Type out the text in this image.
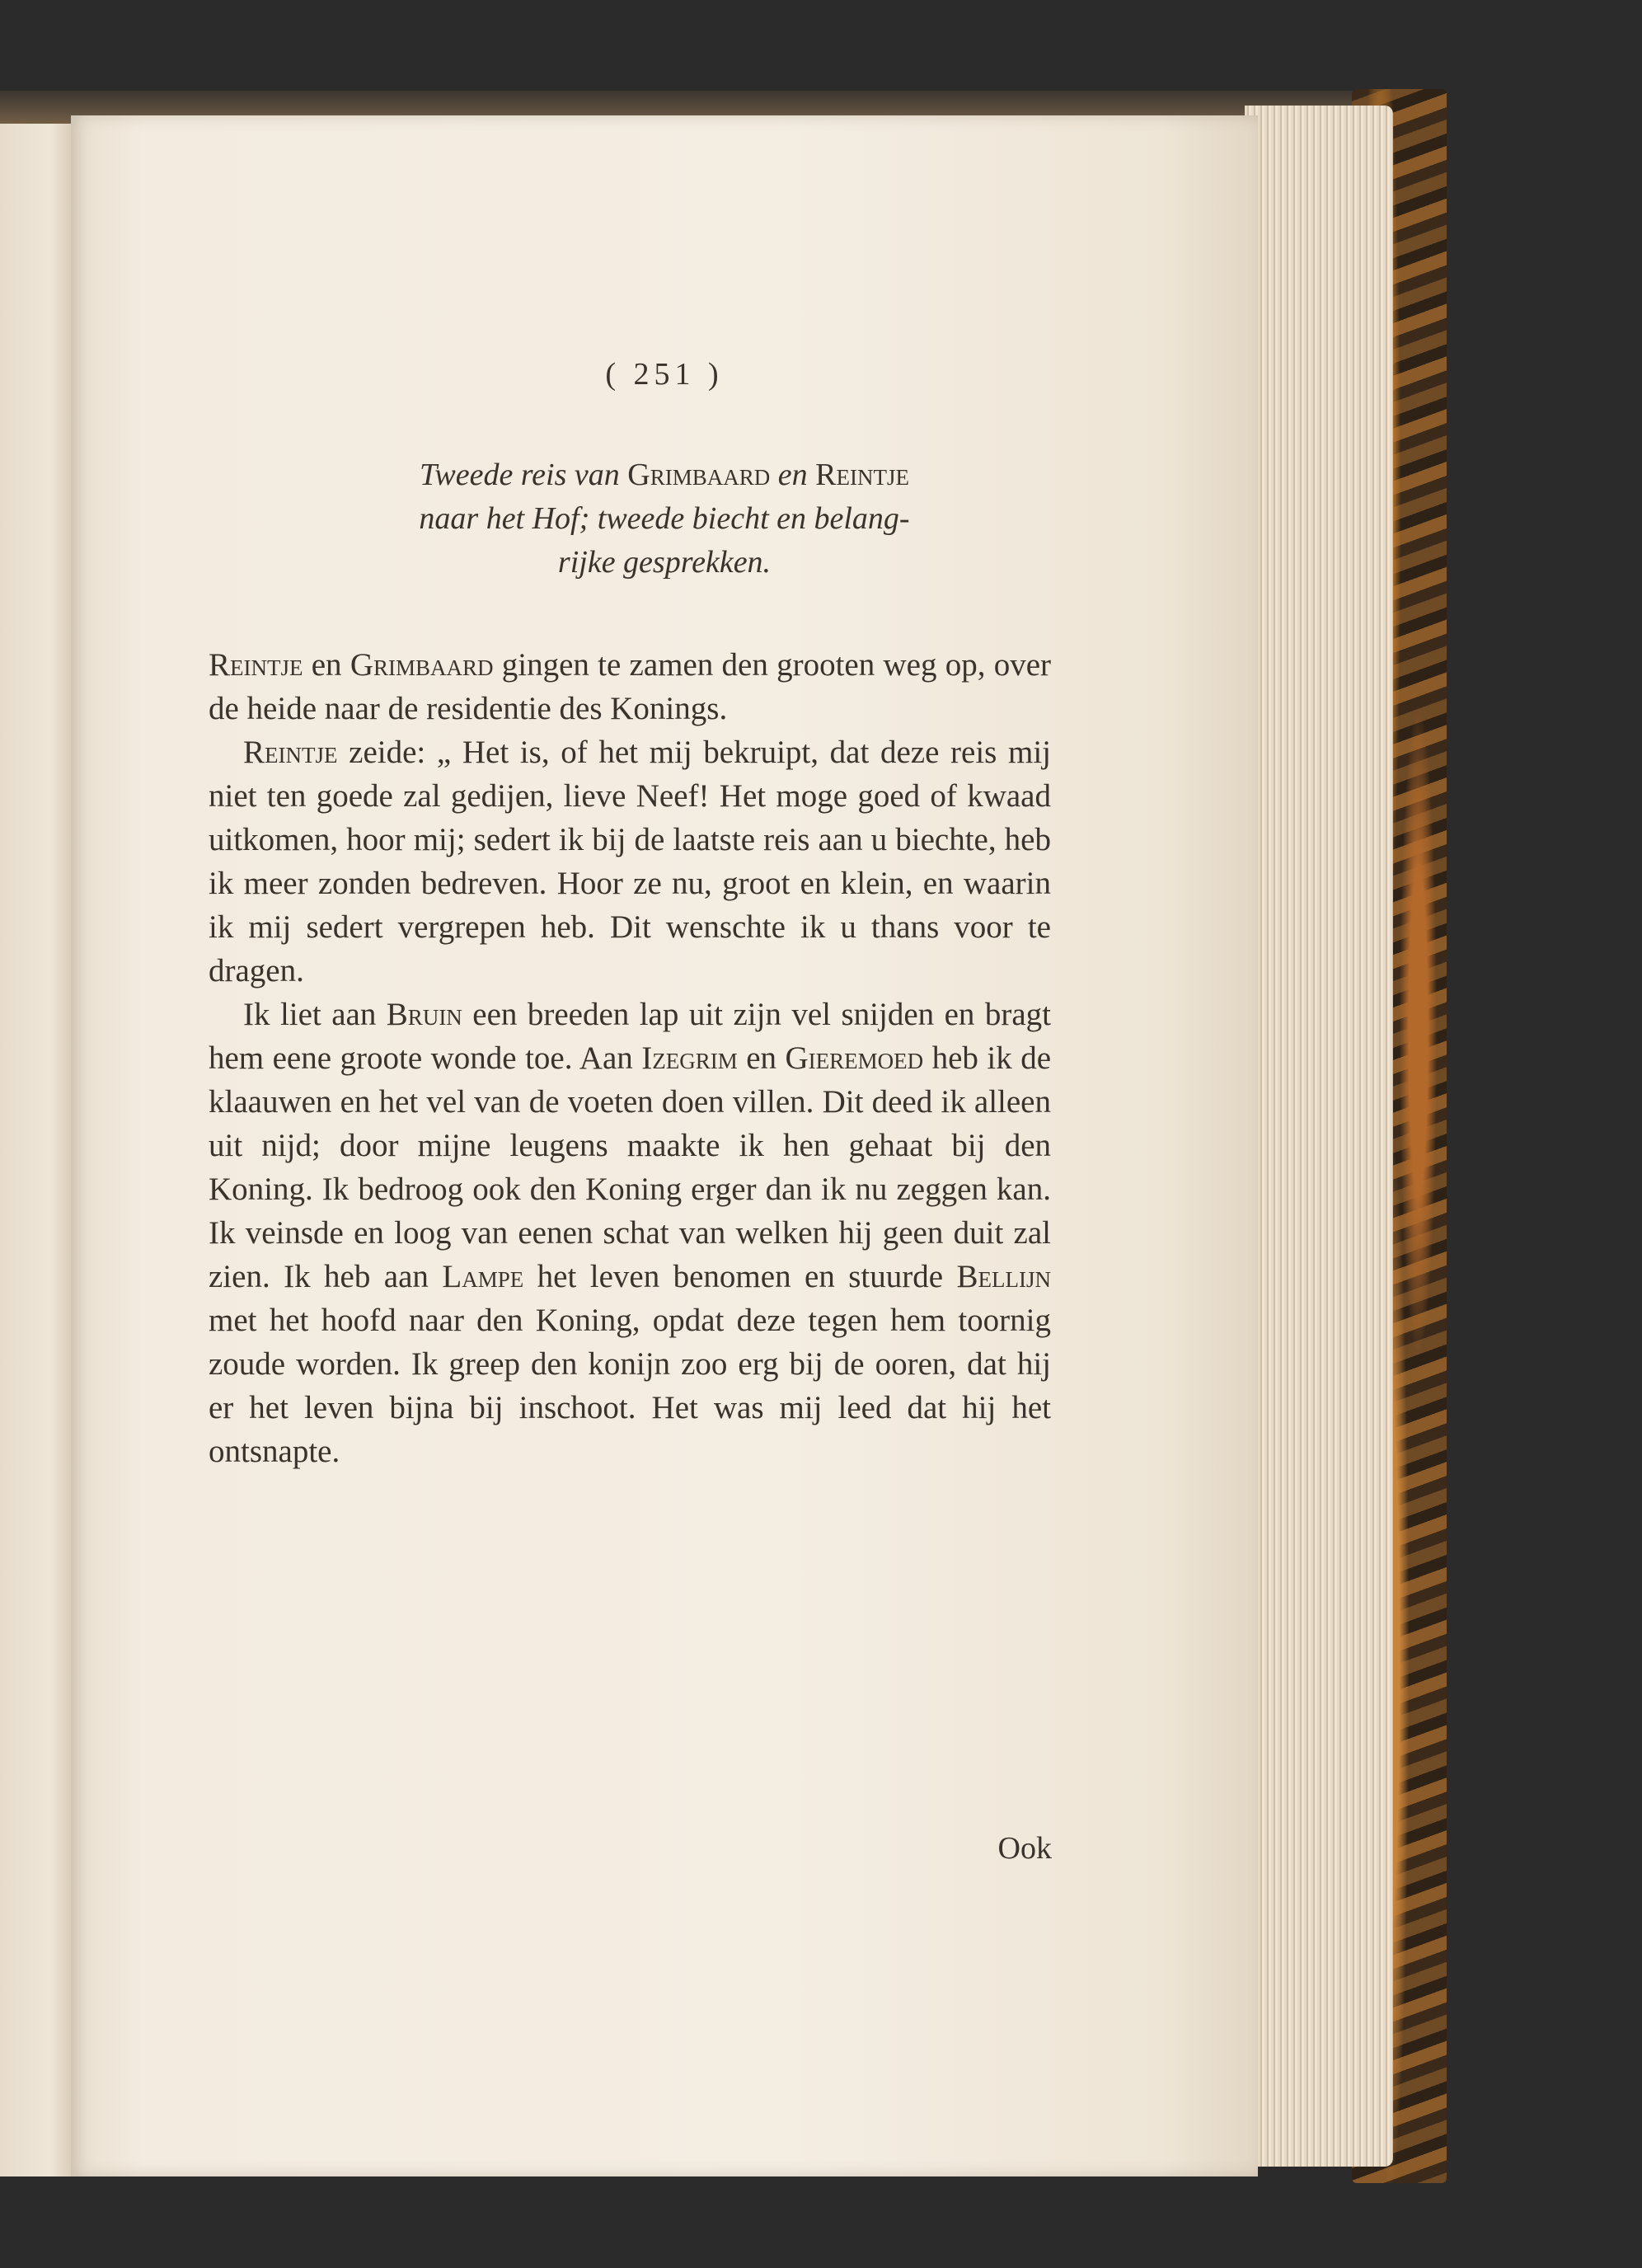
( 251 )
Tweede reis van Grimbaard en Reintje
naar het Hof; tweede biecht en belang-
rijke gesprekken.

Reintje en Grimbaard gingen te zamen den grooten weg op, over de heide naar de residentie des Konings.

Reintje zeide: „ Het is, of het mij bekruipt, dat deze reis mij niet ten goede zal gedijen, lieve Neef! Het moge goed of kwaad uitkomen, hoor mij; sedert ik bij de laatste reis aan u biechte, heb ik meer zonden bedreven. Hoor ze nu, groot en klein, en waarin ik mij sedert vergrepen heb. Dit wenschte ik u thans voor te dragen.

Ik liet aan Bruin een breeden lap uit zijn vel snijden en bragt hem eene groote wonde toe. Aan Izegrim en Gieremoed heb ik de klaauwen en het vel van de voeten doen villen. Dit deed ik alleen uit nijd; door mijne leugens maakte ik hen gehaat bij den Koning. Ik bedroog ook den Koning erger dan ik nu zeggen kan. Ik veinsde en loog van eenen schat van welken hij geen duit zal zien. Ik heb aan Lampe het leven benomen en stuurde Bellijn met het hoofd naar den Koning, opdat deze tegen hem toornig zoude worden. Ik greep den konijn zoo erg bij de ooren, dat hij er het leven bijna bij inschoot. Het was mij leed dat hij het ontsnapte.

Ook
